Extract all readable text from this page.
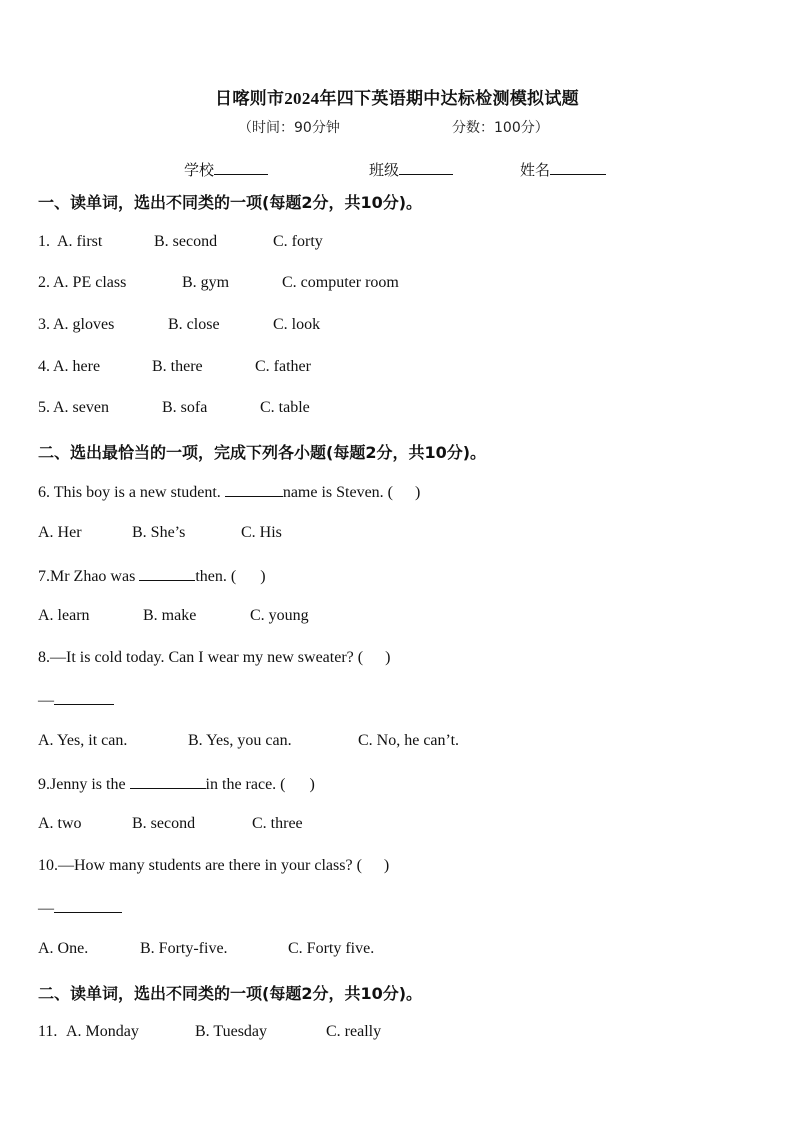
日喀则市2024年四下英语期中达标检测模拟试题
（时间：90分钟	分数：100分）
学校	班级	姓名
一、读单词，选出不同类的一项(每题2分，共10分)。
1. A. first	B. second	C. forty
2. A. PE class	B. gym	C. computer room
3. A. gloves	B. close	C. look
4. A. here	B. there	C. father
5. A. seven	B. sofa	C. table
二、选出最恰当的一项，完成下列各小题(每题2分，共10分)。
6. This boy is a new student.	name is Steven. ( )
A. Her	B. She’s	C. His
7.Mr Zhao was	then. ( )
A. learn	B. make	C. young
8.—It is cold today. Can I wear my new sweater? ( )
—
A. Yes, it can.	B. Yes, you can.	C. No, he can’t.
9.Jenny is the	in the race. ( )
A. two	B. second	C. three
10.—How many students are there in your class? ( )
—
A. One.	B. Forty-five.	C. Forty five.
二、读单词，选出不同类的一项(每题2分，共10分)。
11. A. Monday	B. Tuesday	C. really
